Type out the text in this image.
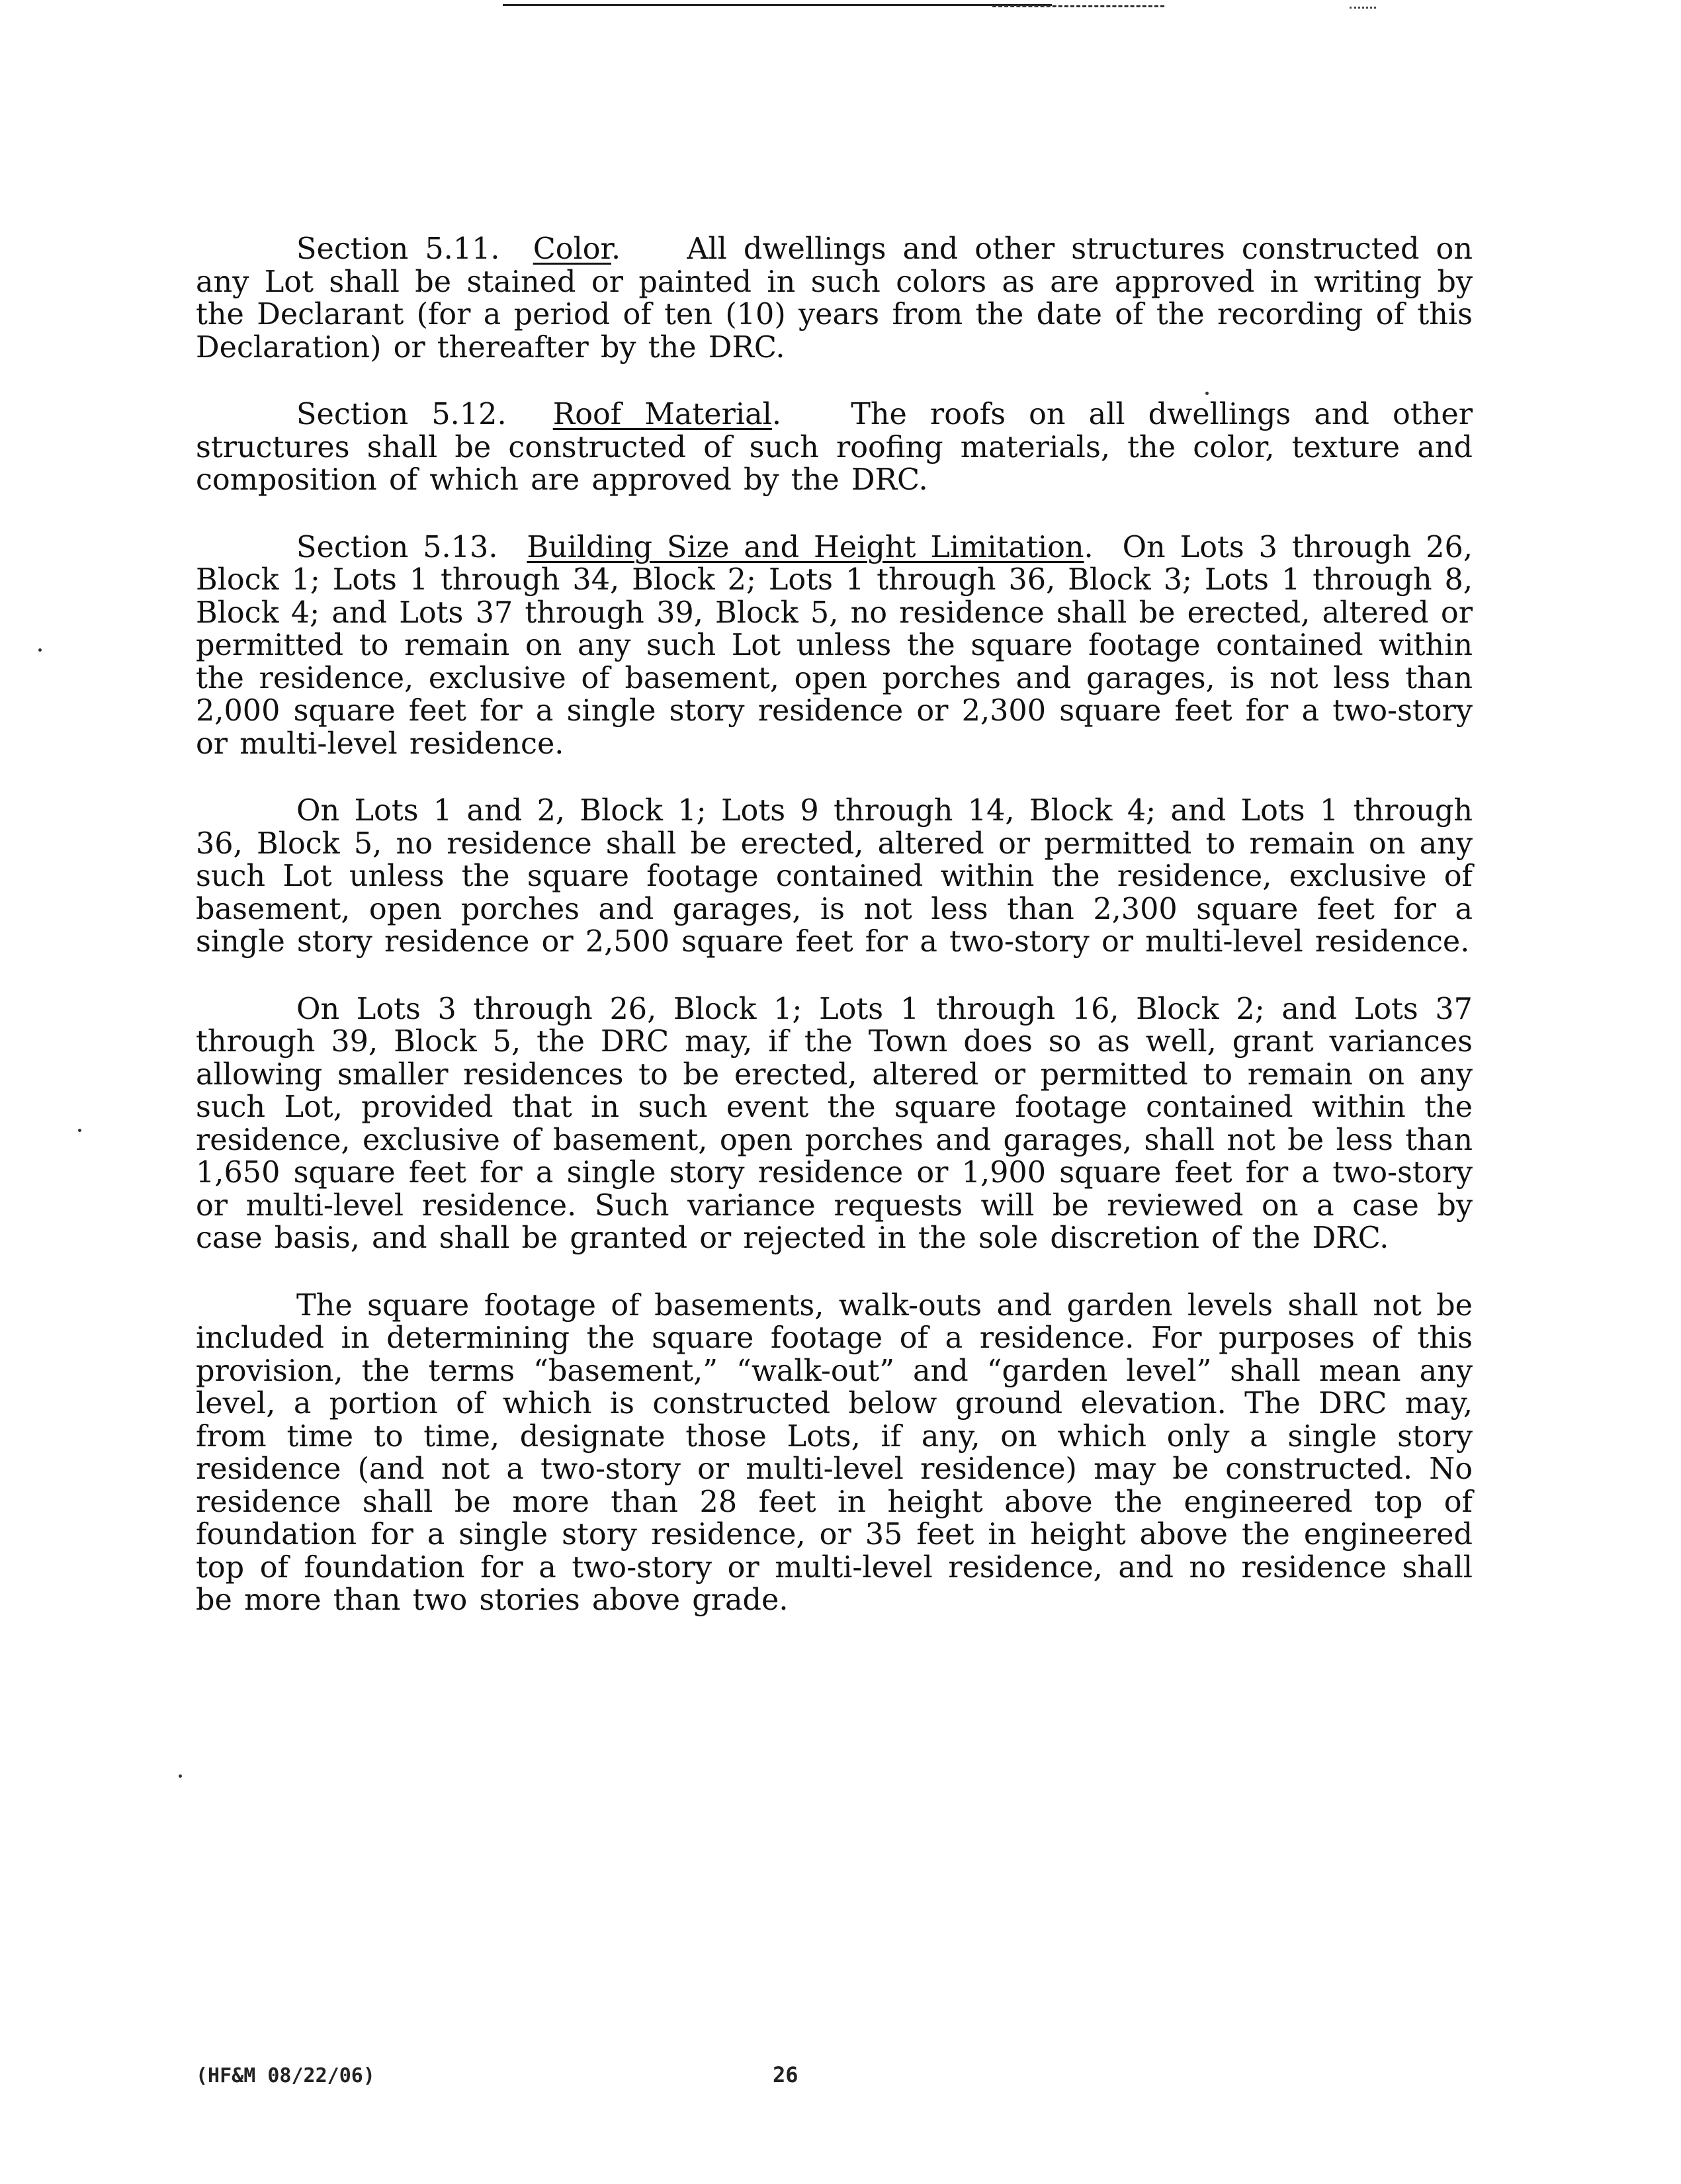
Section 5.11. Color. All dwellings and other structures constructed on any Lot shall be stained or painted in such colors as are approved in writing by the Declarant (for a period of ten (10) years from the date of the recording of this Declaration) or thereafter by the DRC.

Section 5.12. Roof Material. The roofs on all dwellings and other structures shall be constructed of such roofing materials, the color, texture and composition of which are approved by the DRC.

Section 5.13. Building Size and Height Limitation. On Lots 3 through 26, Block 1; Lots 1 through 34, Block 2; Lots 1 through 36, Block 3; Lots 1 through 8, Block 4; and Lots 37 through 39, Block 5, no residence shall be erected, altered or permitted to remain on any such Lot unless the square footage contained within the residence, exclusive of basement, open porches and garages, is not less than 2,000 square feet for a single story residence or 2,300 square feet for a two-story or multi-level residence.

On Lots 1 and 2, Block 1; Lots 9 through 14, Block 4; and Lots 1 through 36, Block 5, no residence shall be erected, altered or permitted to remain on any such Lot unless the square footage contained within the residence, exclusive of basement, open porches and garages, is not less than 2,300 square feet for a single story residence or 2,500 square feet for a two-story or multi-level residence.

On Lots 3 through 26, Block 1; Lots 1 through 16, Block 2; and Lots 37 through 39, Block 5, the DRC may, if the Town does so as well, grant variances allowing smaller residences to be erected, altered or permitted to remain on any such Lot, provided that in such event the square footage contained within the residence, exclusive of basement, open porches and garages, shall not be less than 1,650 square feet for a single story residence or 1,900 square feet for a two-story or multi-level residence. Such variance requests will be reviewed on a case by case basis, and shall be granted or rejected in the sole discretion of the DRC.

The square footage of basements, walk-outs and garden levels shall not be included in determining the square footage of a residence. For purposes of this provision, the terms “basement,” “walk-out” and “garden level” shall mean any level, a portion of which is constructed below ground elevation. The DRC may, from time to time, designate those Lots, if any, on which only a single story residence (and not a two-story or multi-level residence) may be constructed. No residence shall be more than 28 feet in height above the engineered top of foundation for a single story residence, or 35 feet in height above the engineered top of foundation for a two-story or multi-level residence, and no residence shall be more than two stories above grade.

(HF&M 08/22/06)	26
